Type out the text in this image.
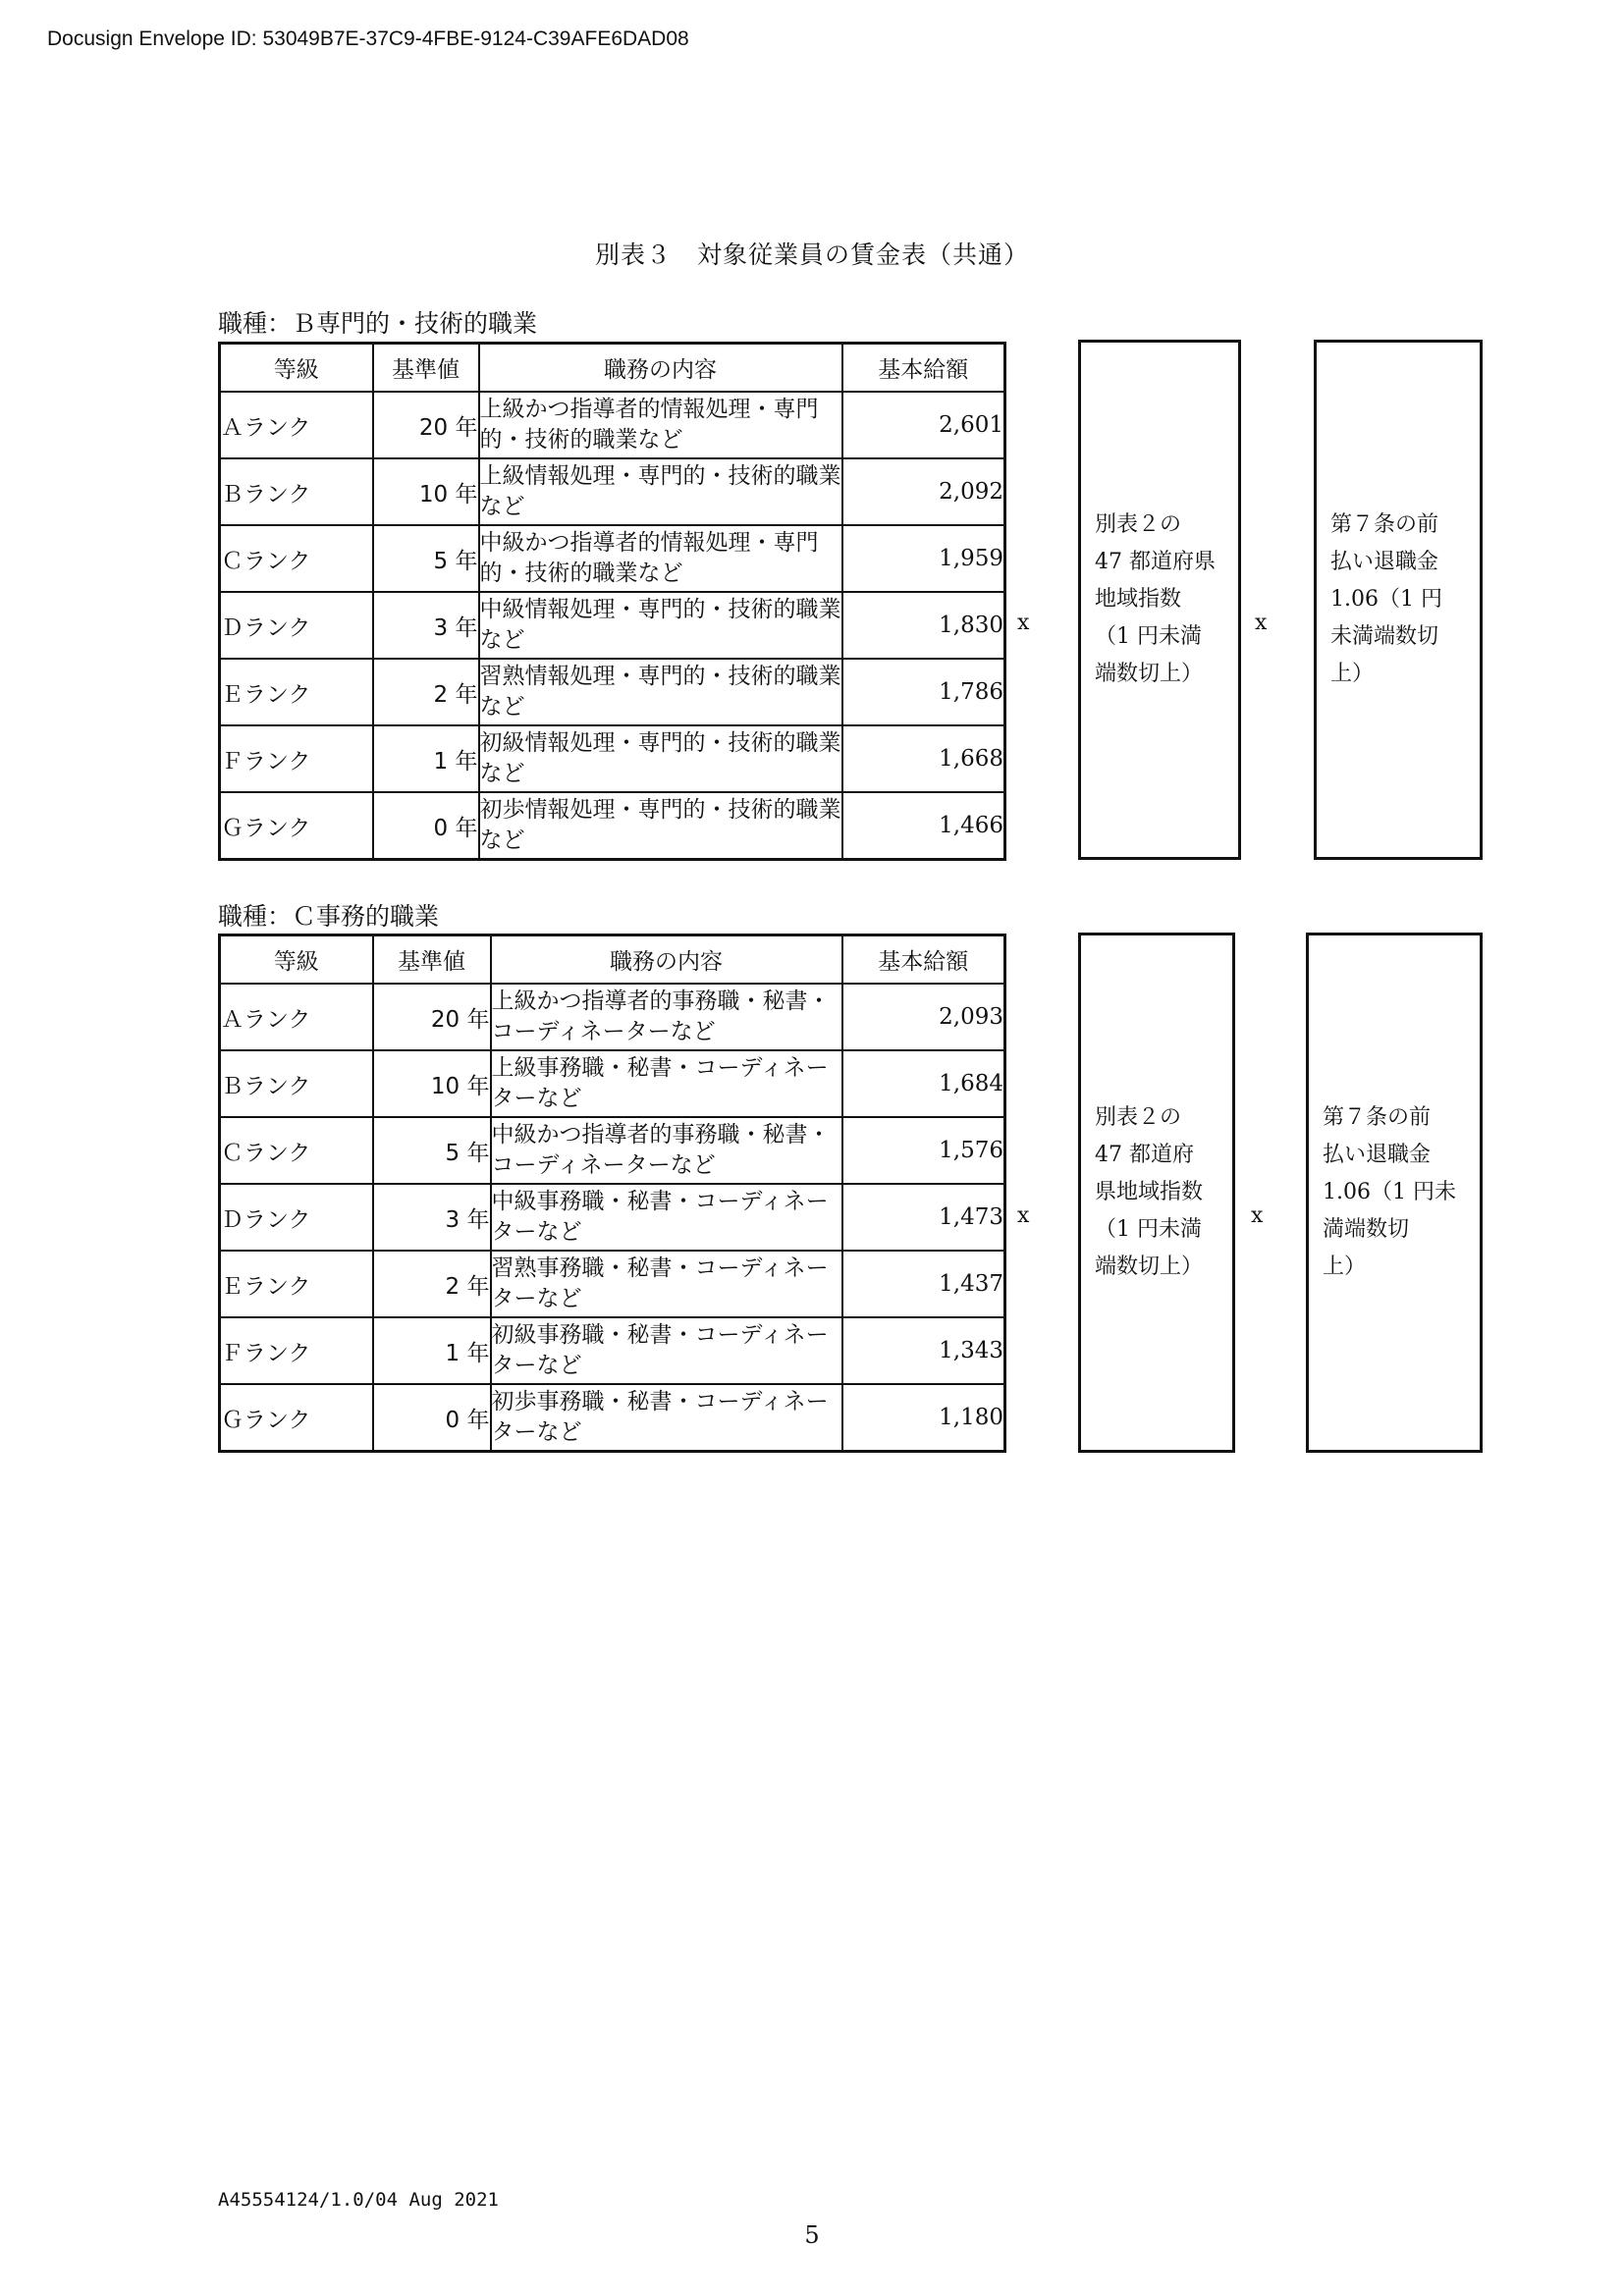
Docusign Envelope ID: 53049B7E-37C9-4FBE-9124-C39AFE6DAD08
別表３　対象従業員の賃金表（共通）
職種：Ｂ専門的・技術的職業
等級	基準値	職務の内容	基本給額
Ａランク	20 年	上級かつ指導者的情報処理・専門的・技術的職業など	2,601
Ｂランク	10 年	上級情報処理・専門的・技術的職業など	2,092
Ｃランク	5 年	中級かつ指導者的情報処理・専門的・技術的職業など	1,959
Ｄランク	3 年	中級情報処理・専門的・技術的職業など	1,830
Ｅランク	2 年	習熟情報処理・専門的・技術的職業など	1,786
Ｆランク	1 年	初級情報処理・専門的・技術的職業など	1,668
Ｇランク	0 年	初歩情報処理・専門的・技術的職業など	1,466
x
別表２の
47 都道府県
地域指数
（1 円未満
端数切上）
x
第７条の前
払い退職金
1.06（1 円
未満端数切
上）
職種：Ｃ事務的職業
等級	基準値	職務の内容	基本給額
Ａランク	20 年	上級かつ指導者的事務職・秘書・コーディネーターなど	2,093
Ｂランク	10 年	上級事務職・秘書・コーディネーターなど	1,684
Ｃランク	5 年	中級かつ指導者的事務職・秘書・コーディネーターなど	1,576
Ｄランク	3 年	中級事務職・秘書・コーディネーターなど	1,473
Ｅランク	2 年	習熟事務職・秘書・コーディネーターなど	1,437
Ｆランク	1 年	初級事務職・秘書・コーディネーターなど	1,343
Ｇランク	0 年	初歩事務職・秘書・コーディネーターなど	1,180
x
別表２の
47 都道府
県地域指数
（1 円未満
端数切上）
x
第７条の前
払い退職金
1.06（1 円未
満端数切
上）
A45554124/1.0/04 Aug 2021
5
